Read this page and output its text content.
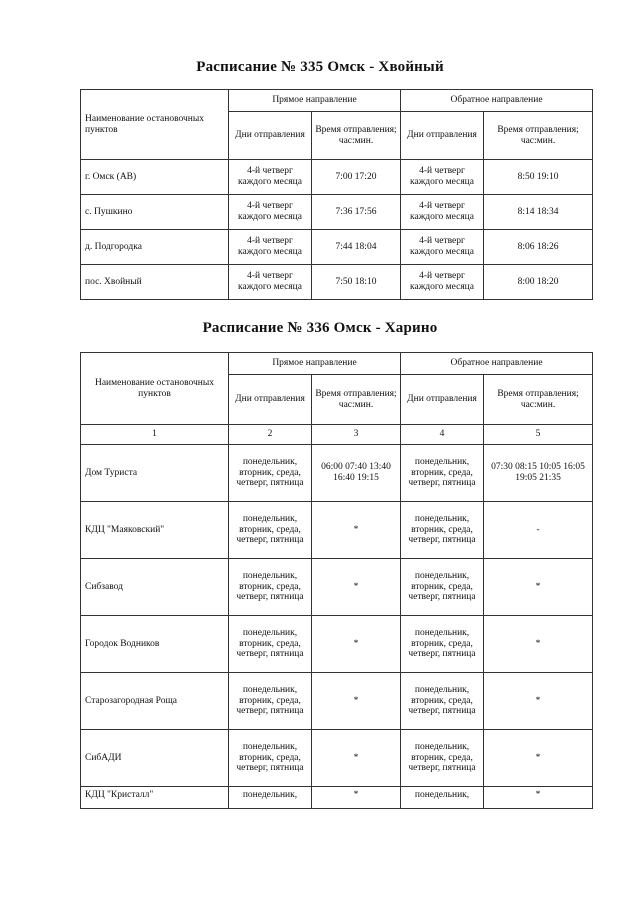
Расписание № 335 Омск - Хвойный
Наименование остановочных пунктов	Прямое направление		Обратное направление	
	Дни отправления	Время отправления; час:мин.	Дни отправления	Время отправления; час:мин.
г. Омск (АВ)	4-й четверг каждого месяца	7:00 17:20	4-й четверг каждого месяца	8:50 19:10
с. Пушкино	4-й четверг каждого месяца	7:36 17:56	4-й четверг каждого месяца	8:14 18:34
д. Подгородка	4-й четверг каждого месяца	7:44 18:04	4-й четверг каждого месяца	8:06 18:26
пос. Хвойный	4-й четверг каждого месяца	7:50 18:10	4-й четверг каждого месяца	8:00 18:20
Расписание № 336 Омск - Харино
Наименование остановочных пунктов	Прямое направление		Обратное направление	
	Дни отправления	Время отправления; час:мин.	Дни отправления	Время отправления; час:мин.
1	2	3	4	5
Дом Туриста	понедельник, вторник, среда, четверг, пятница	06:00 07:40 13:40 16:40 19:15	понедельник, вторник, среда, четверг, пятница	07:30 08:15 10:05 16:05 19:05 21:35
КДЦ "Маяковский"	понедельник, вторник, среда, четверг, пятница	*	понедельник, вторник, среда, четверг, пятница	-
Сибзавод	понедельник, вторник, среда, четверг, пятница	*	понедельник, вторник, среда, четверг, пятница	*
Городок Водников	понедельник, вторник, среда, четверг, пятница	*	понедельник, вторник, среда, четверг, пятница	*
Старозагородная Роща	понедельник, вторник, среда, четверг, пятница	*	понедельник, вторник, среда, четверг, пятница	*
СибАДИ	понедельник, вторник, среда, четверг, пятница	*	понедельник, вторник, среда, четверг, пятница	*
КДЦ "Кристалл"	понедельник,	*	понедельник,	*
